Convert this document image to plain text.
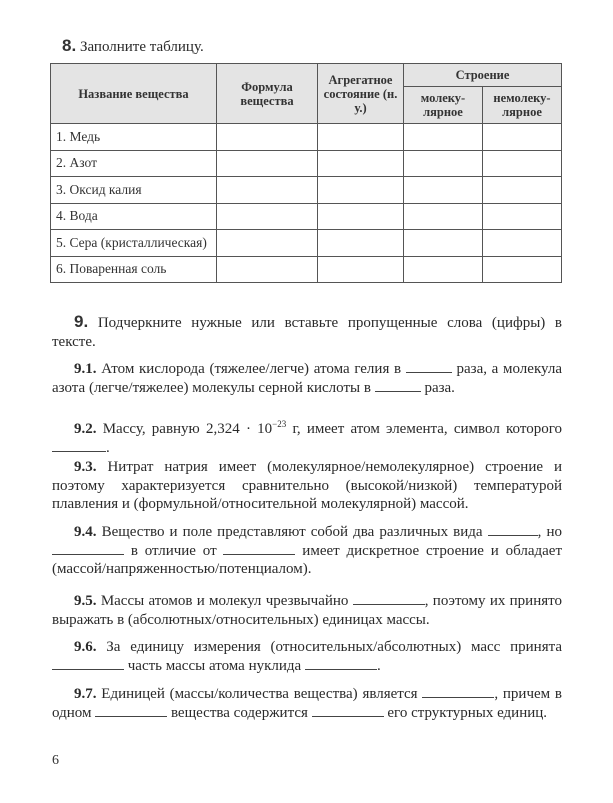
8. Заполните таблицу.
Название вещества	Формула вещества	Агрегатное состояние (н. у.)	Строение	
			молеку-лярное	немолеку-лярное
1. Медь				
2. Азот				
3. Оксид калия				
4. Вода				
5. Сера (кристаллическая)				
6. Поваренная соль				
9. Подчеркните нужные или вставьте пропущенные слова (цифры) в тексте.
9.1. Атом кислорода (тяжелее/легче) атома гелия в	раза, а молекула азота (легче/тяжелее) молекулы серной кислоты в	раза.
9.2. Массу, равную $2,324 \cdot 10^{-23}$ г, имеет атом элемента, символ которого .
9.3. Нитрат натрия имеет (молекулярное/немолекулярное) строение и поэтому характеризуется сравнительно (высокой/низкой) температурой плавления и (формульной/относительной молекулярной) массой.
9.4. Вещество и поле представляют собой два различных вида	, но  в отличие от	имеет дискретное строение и обладает (массой/напряженностью/потенциалом).
9.5. Массы атомов и молекул чрезвычайно	, поэтому их принято выражать в (абсолютных/относительных) единицах массы.
9.6. За единицу измерения (относительных/абсолютных) масс принята  часть массы атома нуклида	.
9.7. Единицей (массы/количества вещества) является	, причем в одном	вещества содержится	его структурных единиц.
6
